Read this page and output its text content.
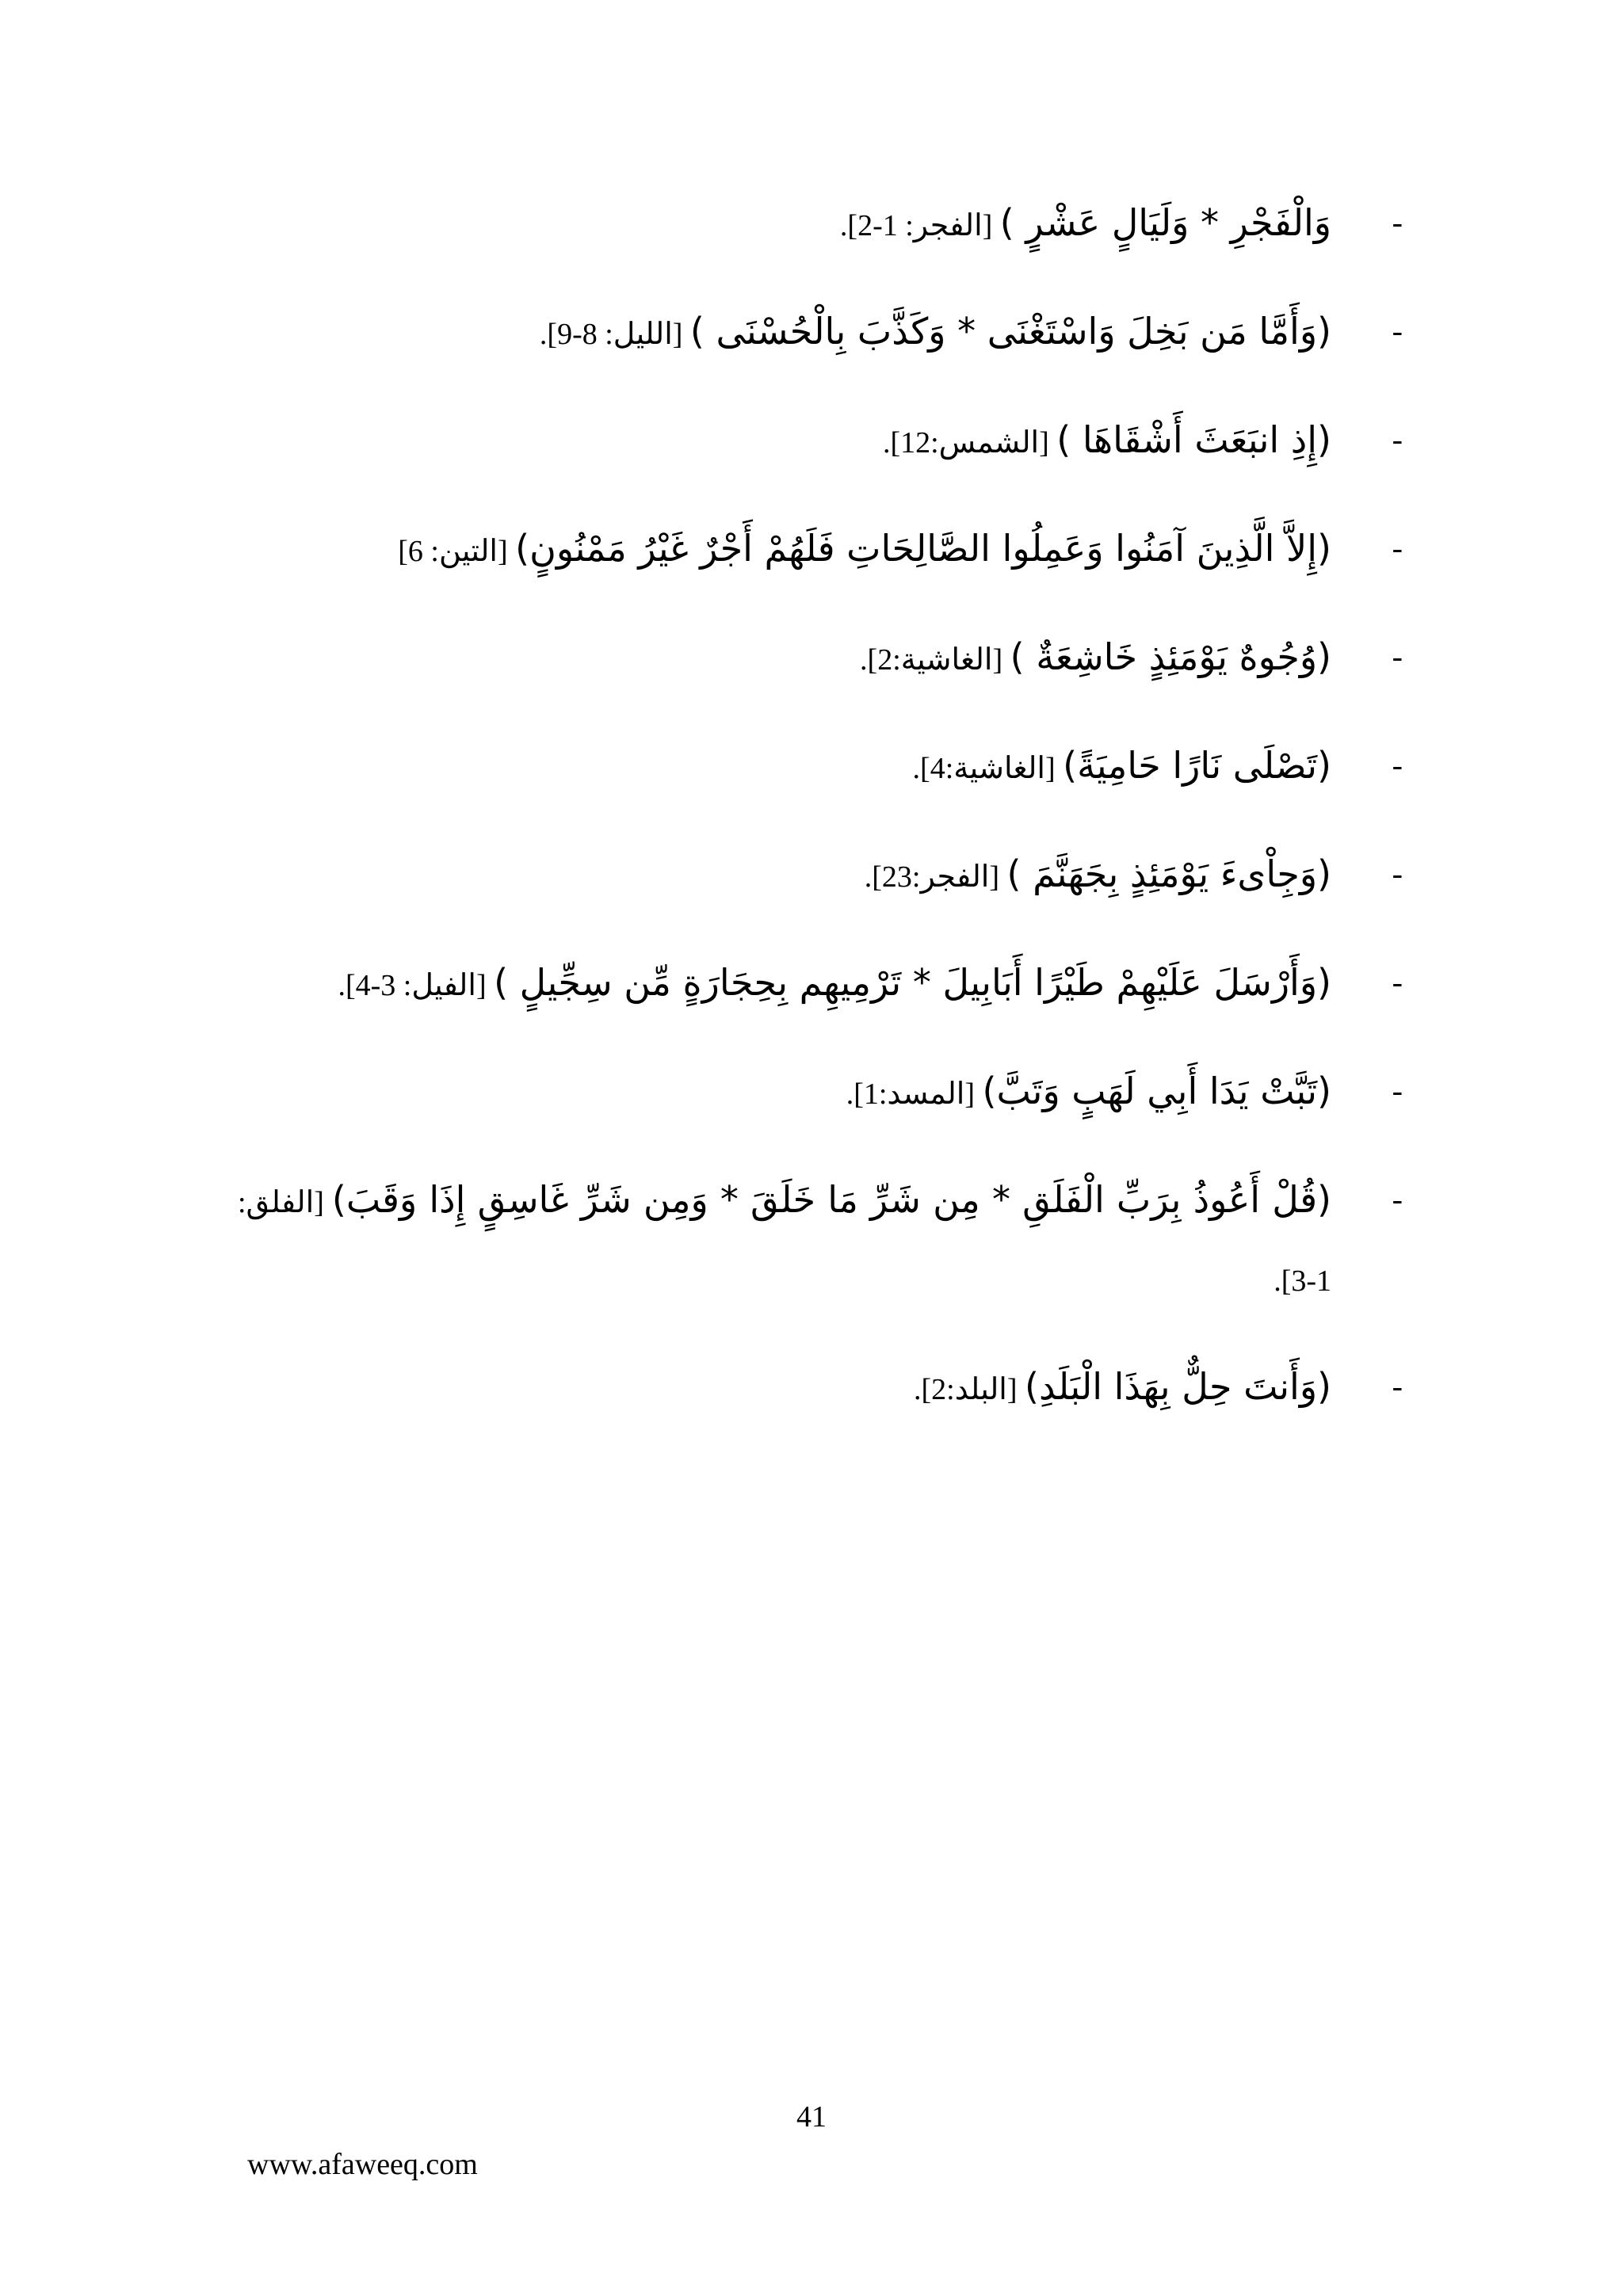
-
وَالْفَجْرِ * وَلَيَالٍ عَشْرٍ ) [الفجر: 1-2].
-
(وَأَمَّا مَن بَخِلَ وَاسْتَغْنَى * وَكَذَّبَ بِالْحُسْنَى ) [الليل: 8-9].
-
(إِذِ انبَعَثَ أَشْقَاهَا ) [الشمس:12].
-
(إِلاَّ الَّذِينَ آمَنُوا وَعَمِلُوا الصَّالِحَاتِ فَلَهُمْ أَجْرٌ غَيْرُ مَمْنُونٍ) [التين: 6]
-
(وُجُوهٌ يَوْمَئِذٍ خَاشِعَةٌ ) [الغاشية:2].
-
(تَصْلَى نَارًا حَامِيَةً) [الغاشية:4].
-
(وَجِاْىءَ يَوْمَئِذٍ بِجَهَنَّمَ ) [الفجر:23].
-
(وَأَرْسَلَ عَلَيْهِمْ طَيْرًا أَبَابِيلَ * تَرْمِيهِم بِحِجَارَةٍ مِّن سِجِّيلٍ ) [الفيل: 3-4].
-
(تَبَّتْ يَدَا أَبِي لَهَبٍ وَتَبَّ) [المسد:1].
-
(قُلْ أَعُوذُ بِرَبِّ الْفَلَقِ * مِن شَرِّ مَا خَلَقَ * وَمِن شَرِّ غَاسِقٍ إِذَا وَقَبَ) [الفلق: 1-3].
-
(وَأَنتَ حِلٌّ بِهَذَا الْبَلَدِ) [البلد:2].
41
www.afaweeq.com
